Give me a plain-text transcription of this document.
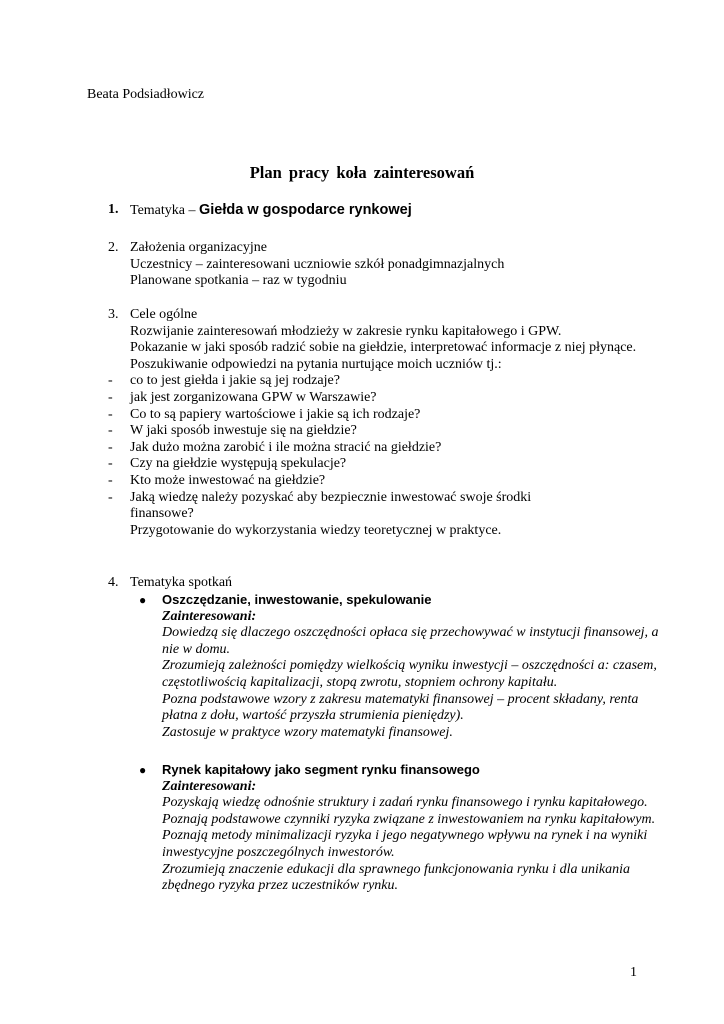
Beata Podsiadłowicz
Plan pracy koła zainteresowań
1. Tematyka – Giełda w gospodarce rynkowej
2. Założenia organizacyjne
Uczestnicy – zainteresowani uczniowie szkół ponadgimnazjalnych
Planowane spotkania – raz w tygodniu
3. Cele ogólne
Rozwijanie zainteresowań młodzieży w zakresie rynku kapitałowego i GPW.
Pokazanie w jaki sposób radzić sobie na giełdzie, interpretować informacje z niej płynące.
Poszukiwanie odpowiedzi na pytania nurtujące moich uczniów tj.:
- co to jest giełda i jakie są jej rodzaje?
- jak jest zorganizowana GPW w Warszawie?
- Co to są papiery wartościowe i jakie są ich rodzaje?
- W jaki sposób inwestuje się na giełdzie?
- Jak dużo można zarobić i ile można stracić na giełdzie?
- Czy na giełdzie występują spekulacje?
- Kto może inwestować na giełdzie?
- Jaką wiedzę należy pozyskać aby bezpiecznie inwestować swoje środki finansowe?
Przygotowanie do wykorzystania wiedzy teoretycznej w praktyce.
4. Tematyka spotkań
● Oszczędzanie, inwestowanie, spekulowanie
Zainteresowani:
Dowiedzą się dlaczego oszczędności opłaca się przechowywać w instytucji finansowej, a nie w domu.
Zrozumieją zależności pomiędzy wielkością wyniku inwestycji – oszczędności a: czasem, częstotliwością kapitalizacji, stopą zwrotu, stopniem ochrony kapitału.
Pozna podstawowe wzory z zakresu matematyki finansowej – procent składany, renta płatna z dołu, wartość przyszła strumienia pieniędzy).
Zastosuje w praktyce wzory matematyki finansowej.
● Rynek kapitałowy jako segment rynku finansowego
Zainteresowani:
Pozyskają wiedzę odnośnie struktury i zadań rynku finansowego i rynku kapitałowego.
Poznają podstawowe czynniki ryzyka związane z inwestowaniem na rynku kapitałowym.
Poznają metody minimalizacji ryzyka i jego negatywnego wpływu na rynek i na wyniki inwestycyjne poszczególnych inwestorów.
Zrozumieją znaczenie edukacji dla sprawnego funkcjonowania rynku i dla unikania zbędnego ryzyka przez uczestników rynku.
1
